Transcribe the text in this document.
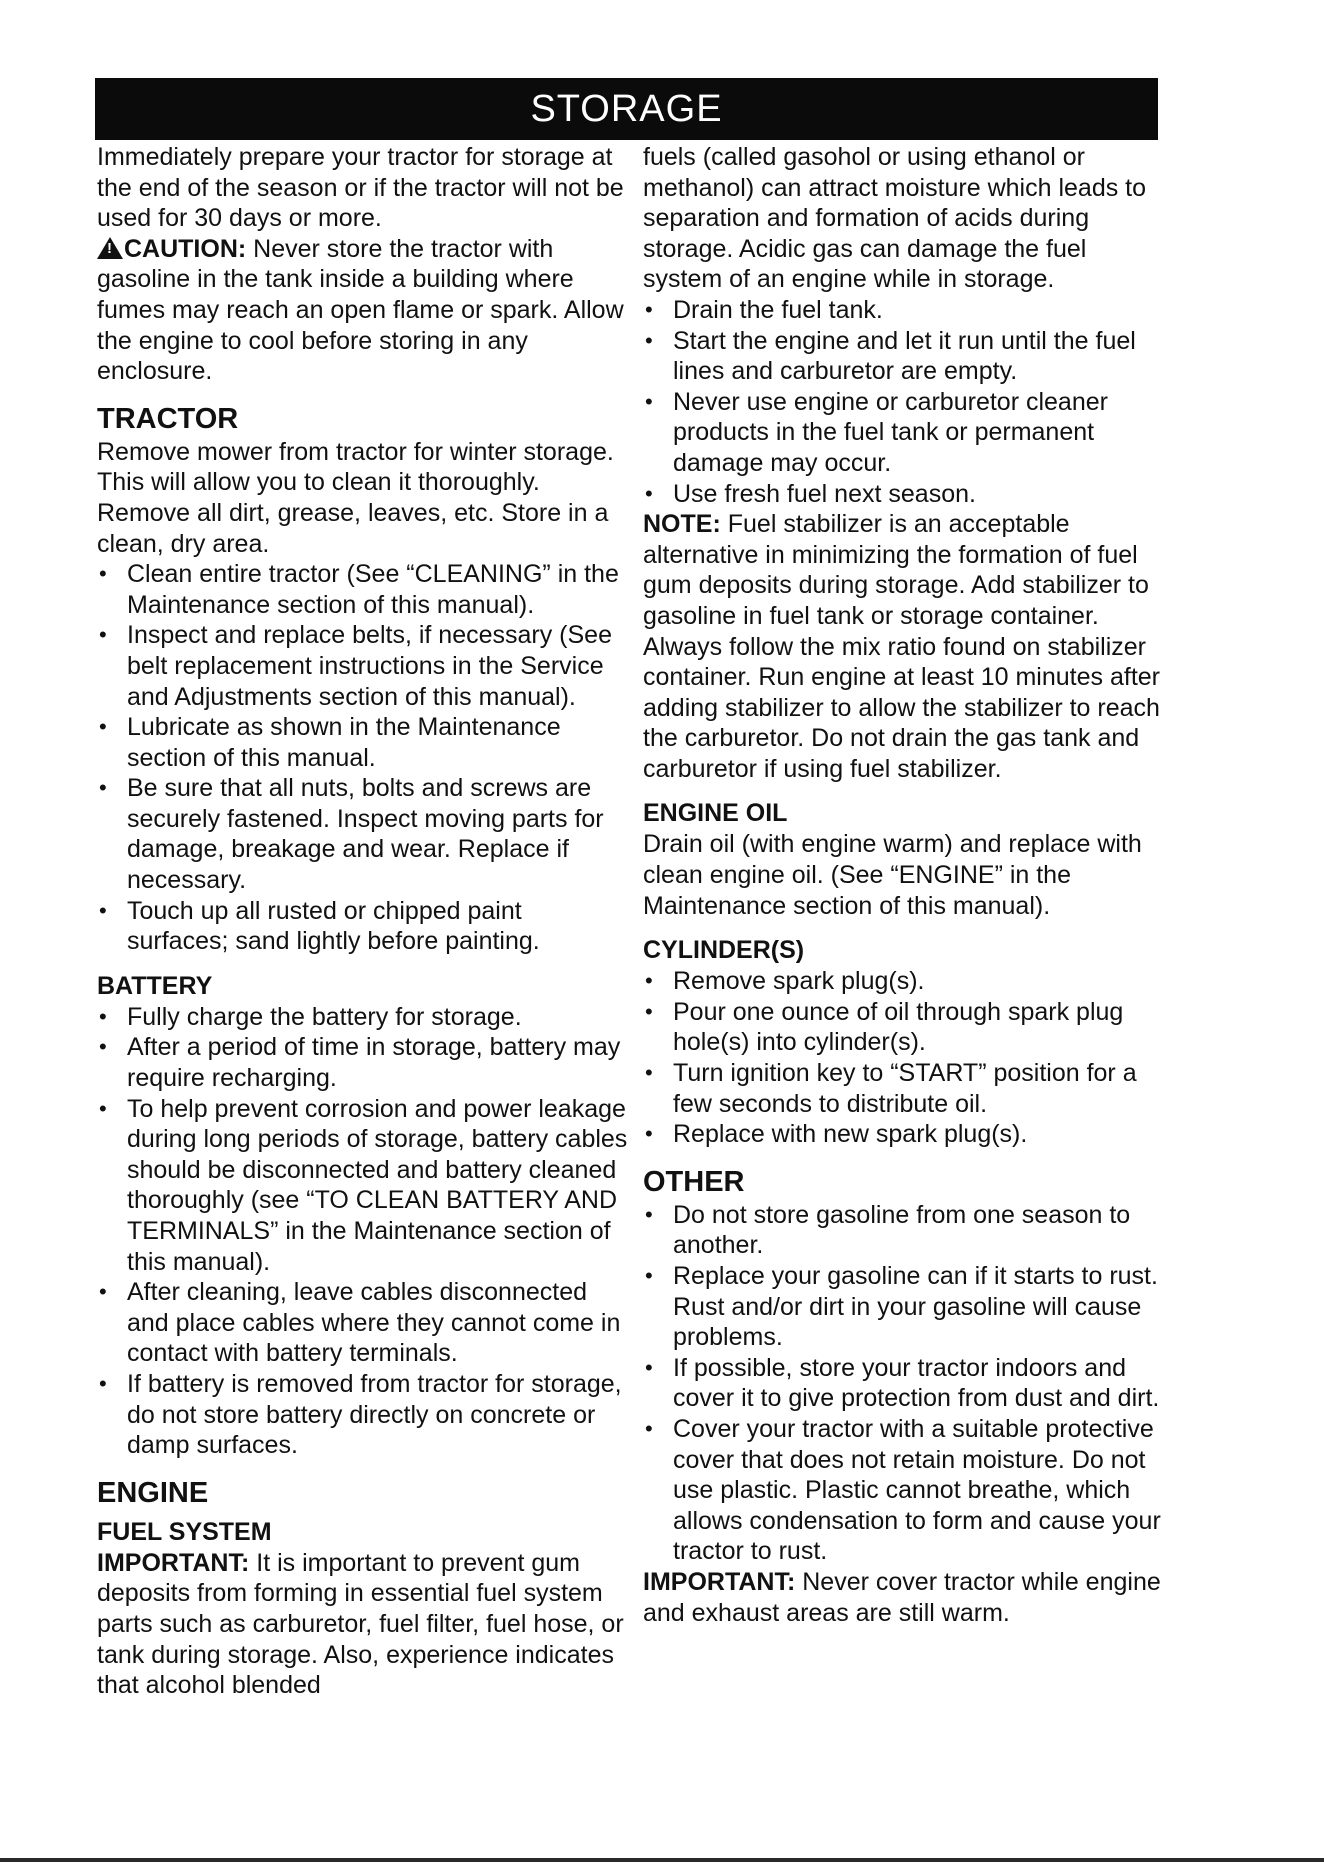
STORAGE

Immediately prepare your tractor for storage at the end of the season or if the tractor will not be used for 30 days or more.

!CAUTION: Never store the tractor with gasoline in the tank inside a building where fumes may reach an open flame or spark. Allow the engine to cool before storing in any enclosure.

TRACTOR

Remove mower from tractor for winter storage. This will allow you to clean it thoroughly. Remove all dirt, grease, leaves, etc. Store in a clean, dry area.

• Clean entire tractor (See “CLEANING” in the Maintenance section of this manual).
• Inspect and replace belts, if necessary (See belt replacement instructions in the Service and Adjustments section of this manual).
• Lubricate as shown in the Maintenance section of this manual.
• Be sure that all nuts, bolts and screws are securely fastened. Inspect moving parts for damage, breakage and wear. Replace if necessary.
• Touch up all rusted or chipped paint surfaces; sand lightly before painting.
BATTERY
• Fully charge the battery for storage.
• After a period of time in storage, battery may require recharging.
• To help prevent corrosion and power leakage during long periods of storage, battery cables should be disconnected and battery cleaned thoroughly (see “TO CLEAN BATTERY AND TERMINALS” in the Maintenance section of this manual).
• After cleaning, leave cables disconnected and place cables where they cannot come in contact with battery terminals.
• If battery is removed from tractor for storage, do not store battery directly on concrete or damp surfaces.
ENGINE
FUEL SYSTEM

IMPORTANT: It is important to prevent gum deposits from forming in essential fuel system parts such as carburetor, fuel filter, fuel hose, or tank during storage. Also, experience indicates that alcohol blended

fuels (called gasohol or using ethanol or methanol) can attract moisture which leads to separation and formation of acids during storage. Acidic gas can damage the fuel system of an engine while in storage.

• Drain the fuel tank.
• Start the engine and let it run until the fuel lines and carburetor are empty.
• Never use engine or carburetor cleaner products in the fuel tank or permanent damage may occur.
• Use fresh fuel next season.

NOTE: Fuel stabilizer is an acceptable alternative in minimizing the formation of fuel gum deposits during storage. Add stabilizer to gasoline in fuel tank or storage container. Always follow the mix ratio found on stabilizer container. Run engine at least 10 minutes after adding stabilizer to allow the stabilizer to reach the carburetor. Do not drain the gas tank and carburetor if using fuel stabilizer.

ENGINE OIL

Drain oil (with engine warm) and replace with clean engine oil. (See “ENGINE” in the Maintenance section of this manual).

CYLINDER(S)
• Remove spark plug(s).
• Pour one ounce of oil through spark plug hole(s) into cylinder(s).
• Turn ignition key to “START” position for a few seconds to distribute oil.
• Replace with new spark plug(s).
OTHER
• Do not store gasoline from one season to another.
• Replace your gasoline can if it starts to rust. Rust and/or dirt in your gasoline will cause problems.
• If possible, store your tractor indoors and cover it to give protection from dust and dirt.
• Cover your tractor with a suitable protective cover that does not retain moisture. Do not use plastic. Plastic cannot breathe, which allows condensation to form and cause your tractor to rust.

IMPORTANT: Never cover tractor while engine and exhaust areas are still warm.
